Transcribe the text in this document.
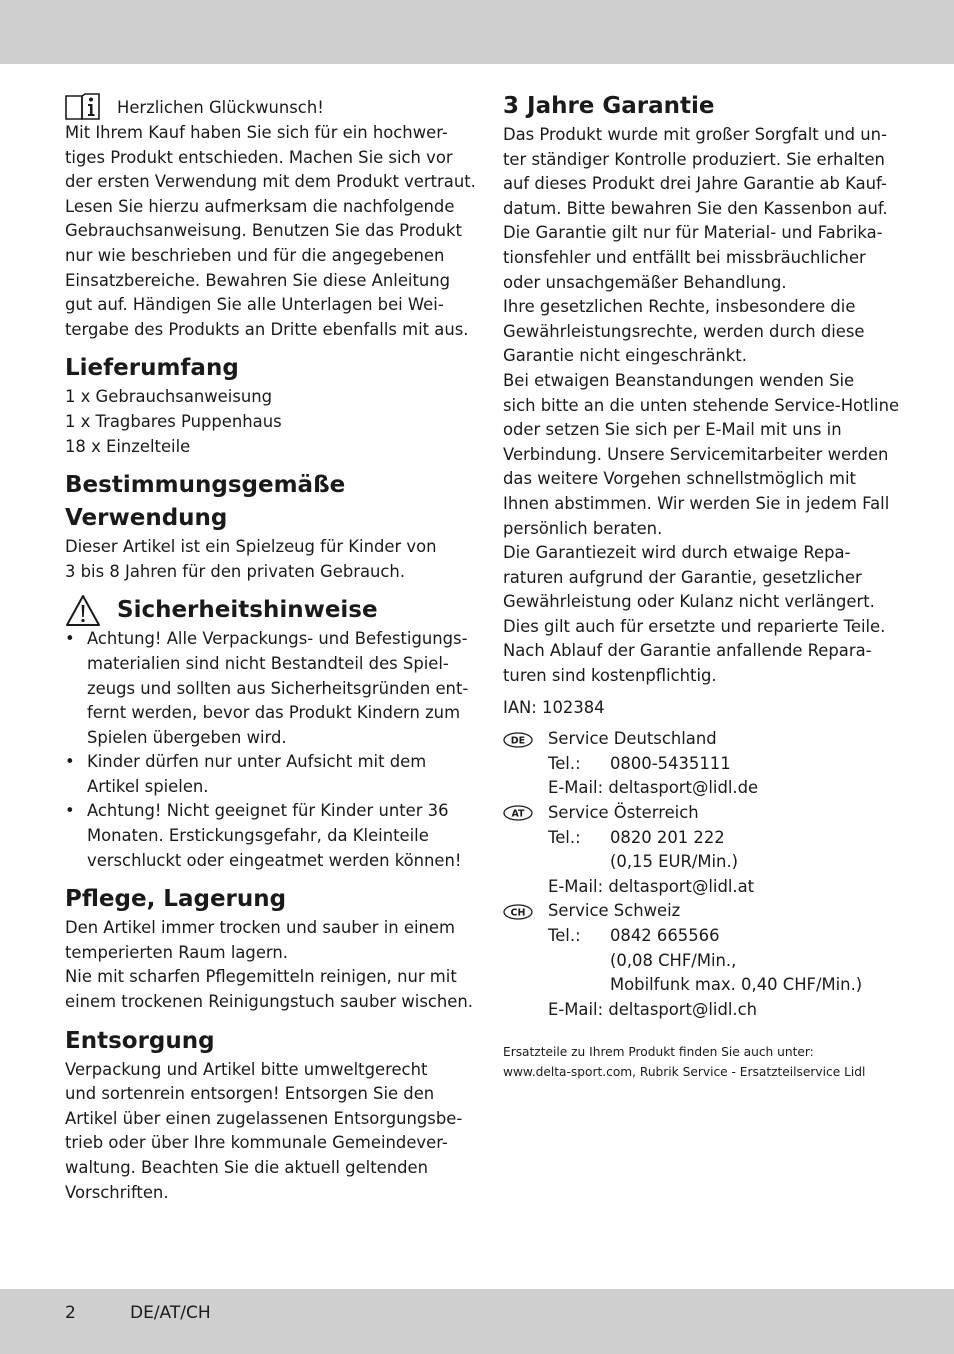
Herzlichen Glückwunsch!
Mit Ihrem Kauf haben Sie sich für ein hochwer-
tiges Produkt entschieden. Machen Sie sich vor
der ersten Verwendung mit dem Produkt vertraut.
Lesen Sie hierzu aufmerksam die nachfolgende
Gebrauchsanweisung. Benutzen Sie das Produkt
nur wie beschrieben und für die angegebenen
Einsatzbereiche. Bewahren Sie diese Anleitung
gut auf. Händigen Sie alle Unterlagen bei Wei-
tergabe des Produkts an Dritte ebenfalls mit aus.
Lieferumfang
1 x Gebrauchsanweisung
1 x Tragbares Puppenhaus
18 x Einzelteile
Bestimmungsgemäße
Verwendung
Dieser Artikel ist ein Spielzeug für Kinder von
3 bis 8 Jahren für den privaten Gebrauch.
Sicherheitshinweise
• Achtung! Alle Verpackungs- und Befestigungs-
materialien sind nicht Bestandteil des Spiel-
zeugs und sollten aus Sicherheitsgründen ent-
fernt werden, bevor das Produkt Kindern zum
Spielen übergeben wird.
• Kinder dürfen nur unter Aufsicht mit dem
Artikel spielen.
• Achtung! Nicht geeignet für Kinder unter 36
Monaten. Erstickungsgefahr, da Kleinteile
verschluckt oder eingeatmet werden können!
Pflege, Lagerung
Den Artikel immer trocken und sauber in einem
temperierten Raum lagern.
Nie mit scharfen Pflegemitteln reinigen, nur mit
einem trockenen Reinigungstuch sauber wischen.
Entsorgung
Verpackung und Artikel bitte umweltgerecht
und sortenrein entsorgen! Entsorgen Sie den
Artikel über einen zugelassenen Entsorgungsbe-
trieb oder über Ihre kommunale Gemeindever-
waltung. Beachten Sie die aktuell geltenden
Vorschriften.
3 Jahre Garantie
Das Produkt wurde mit großer Sorgfalt und un-
ter ständiger Kontrolle produziert. Sie erhalten
auf dieses Produkt drei Jahre Garantie ab Kauf-
datum. Bitte bewahren Sie den Kassenbon auf.
Die Garantie gilt nur für Material- und Fabrika-
tionsfehler und entfällt bei missbräuchlicher
oder unsachgemäßer Behandlung.
Ihre gesetzlichen Rechte, insbesondere die
Gewährleistungsrechte, werden durch diese
Garantie nicht eingeschränkt.
Bei etwaigen Beanstandungen wenden Sie
sich bitte an die unten stehende Service-Hotline
oder setzen Sie sich per E-Mail mit uns in
Verbindung. Unsere Servicemitarbeiter werden
das weitere Vorgehen schnellstmöglich mit
Ihnen abstimmen. Wir werden Sie in jedem Fall
persönlich beraten.
Die Garantiezeit wird durch etwaige Repa-
raturen aufgrund der Garantie, gesetzlicher
Gewährleistung oder Kulanz nicht verlängert.
Dies gilt auch für ersetzte und reparierte Teile.
Nach Ablauf der Garantie anfallende Repara-
turen sind kostenpflichtig.
IAN: 102384
DE Service Deutschland
Tel.: 0800-5435111
E-Mail: deltasport@lidl.de
AT Service Österreich
Tel.: 0820 201 222
(0,15 EUR/Min.)
E-Mail: deltasport@lidl.at
CH Service Schweiz
Tel.: 0842 665566
(0,08 CHF/Min.,
Mobilfunk max. 0,40 CHF/Min.)
E-Mail: deltasport@lidl.ch
Ersatzteile zu Ihrem Produkt finden Sie auch unter:
www.delta-sport.com, Rubrik Service - Ersatzteilservice Lidl
2	DE/AT/CH
